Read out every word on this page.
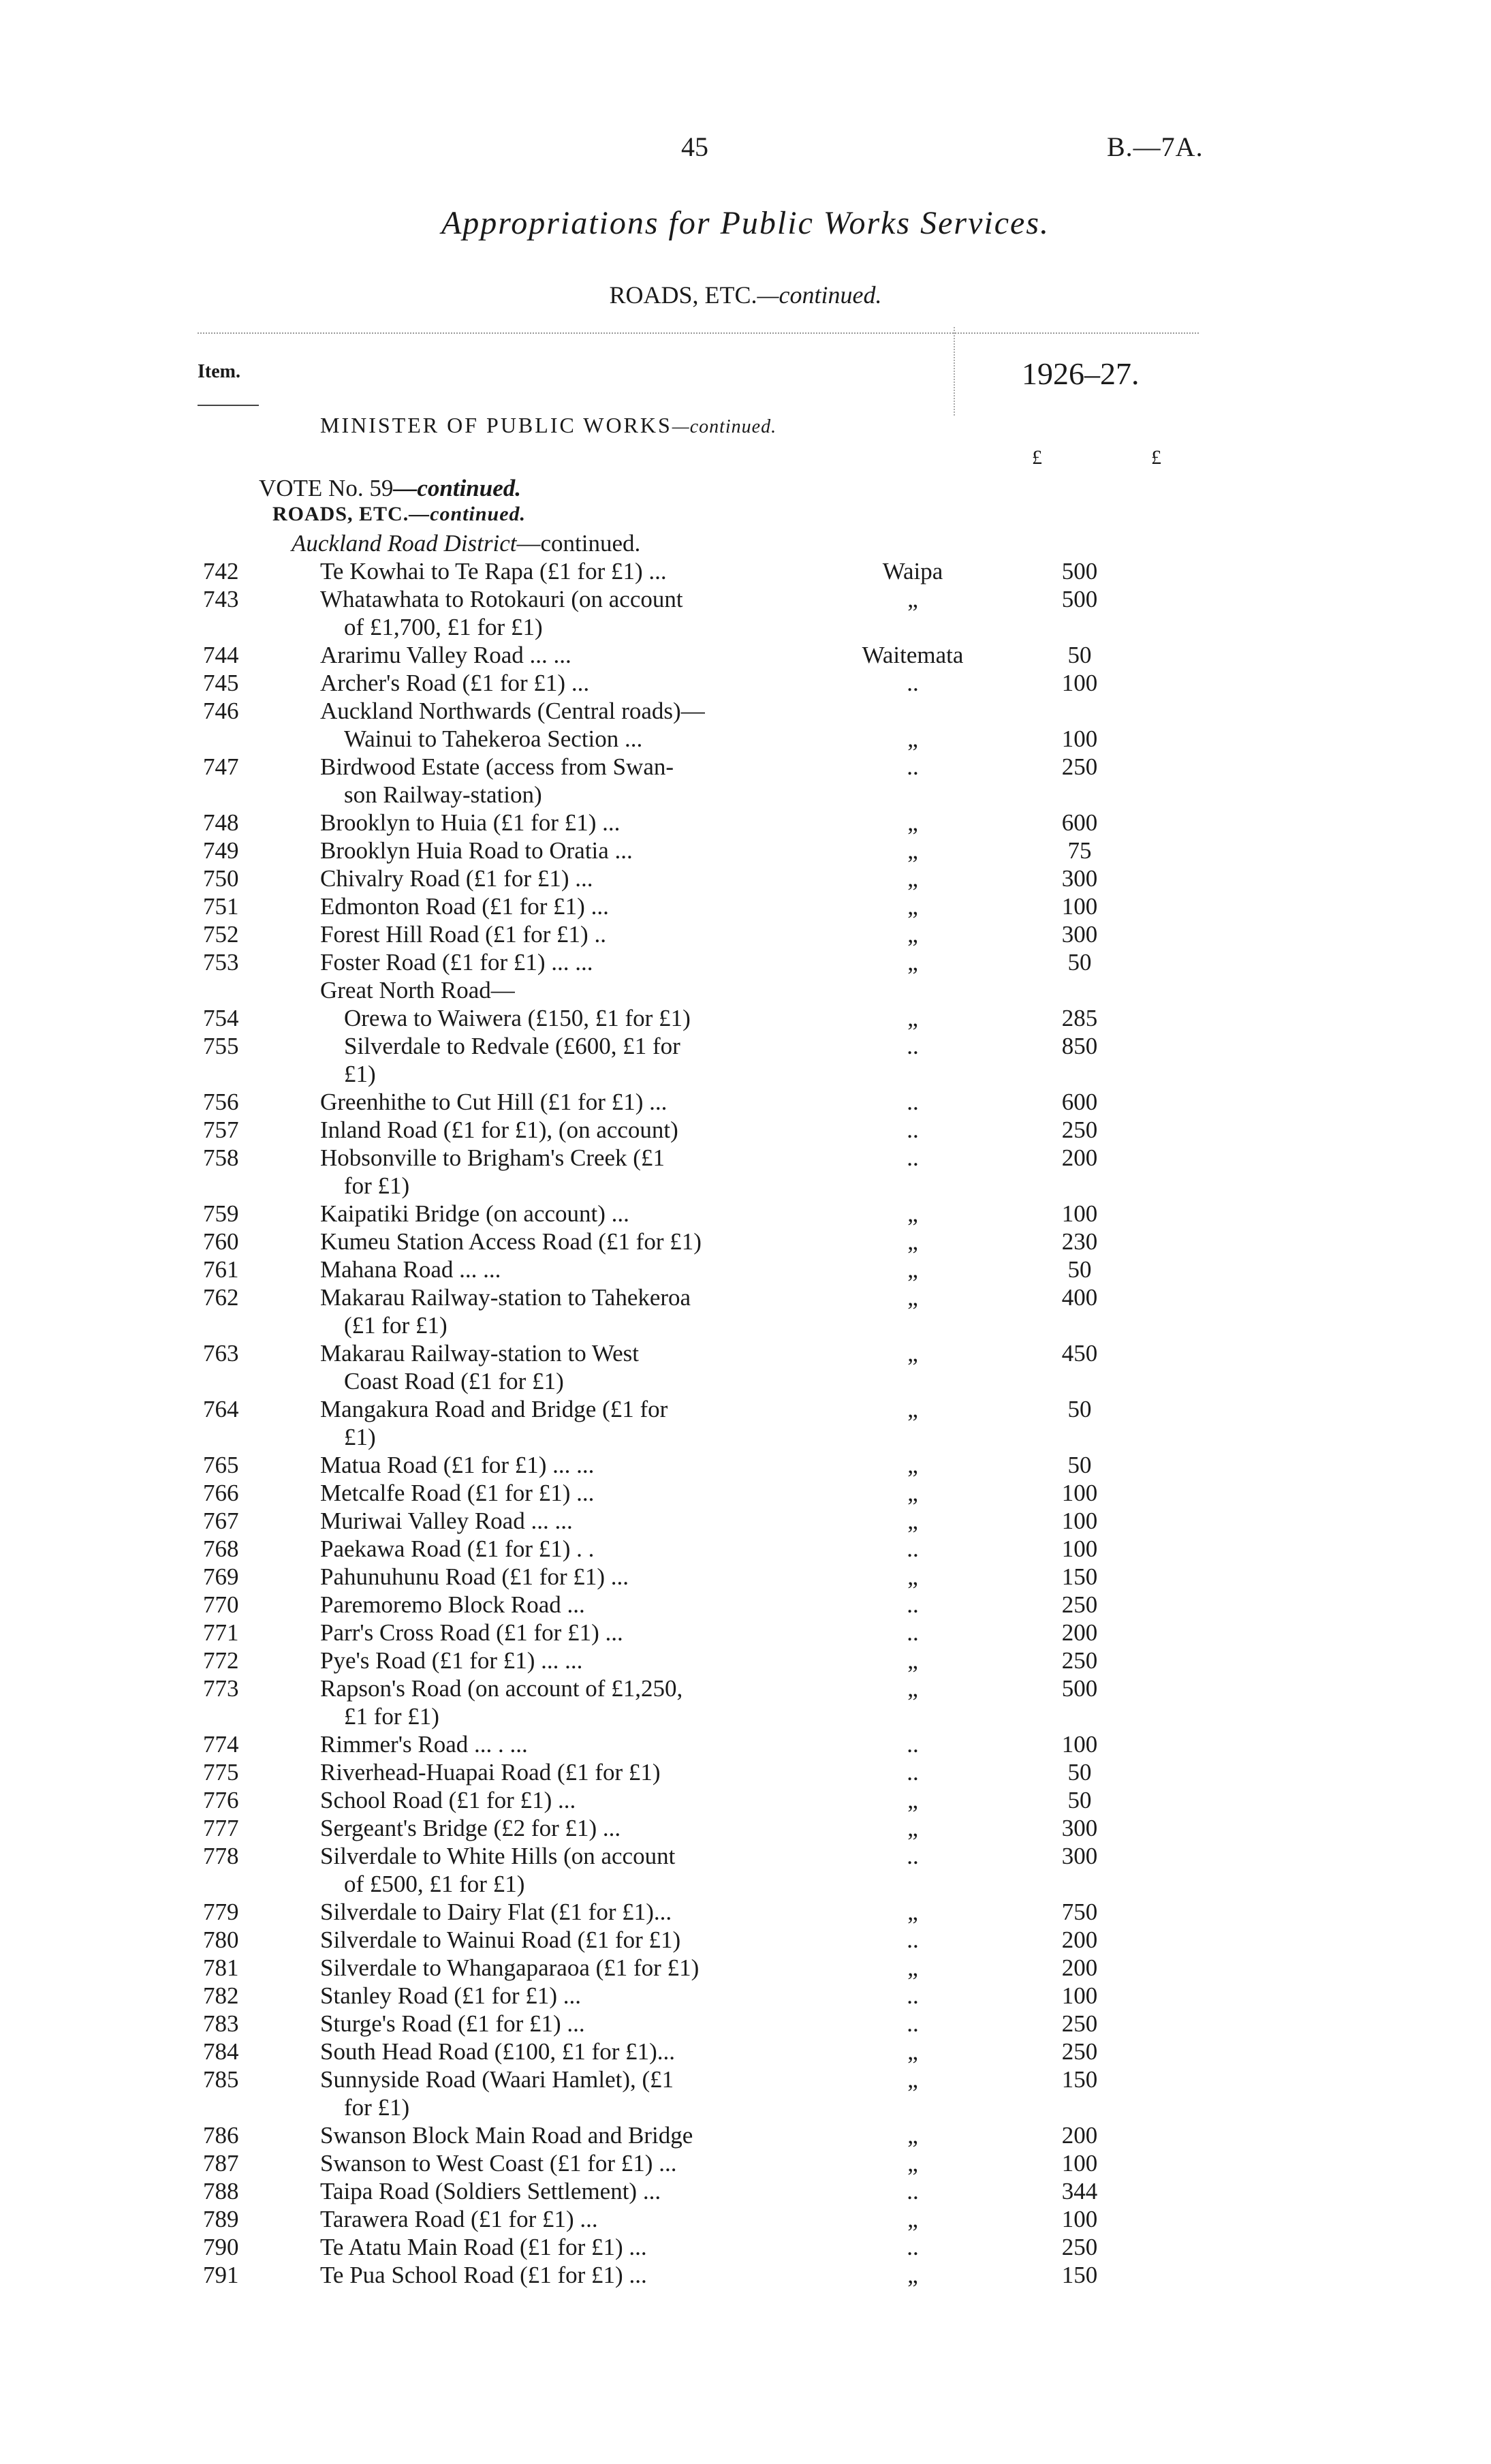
45	B.—7A.
Appropriations for Public Works Services.
ROADS, ETC.—continued.
Item.	1926–27.
MINISTER OF PUBLIC WORKS—continued.
£	£
VOTE No. 59—continued.
ROADS, ETC.—continued.
Auckland Road District—continued.
742	Te Kowhai to Te Rapa (£1 for £1) ...	Waipa	500
743	Whatawhata to Rotokauri (on account	„	500
of £1,700, £1 for £1)
744	Ararimu Valley Road ... ...	Waitemata	50
745	Archer's Road (£1 for £1) ...	..	100
746	Auckland Northwards (Central roads)—
Wainui to Tahekeroa Section ...	„	100
747	Birdwood Estate (access from Swan-	..	250
son Railway-station)
748	Brooklyn to Huia (£1 for £1) ...	„	600
749	Brooklyn Huia Road to Oratia ...	„	75
750	Chivalry Road (£1 for £1) ...	„	300
751	Edmonton Road (£1 for £1) ...	„	100
752	Forest Hill Road (£1 for £1) ..	„	300
753	Foster Road (£1 for £1) ... ...	„	50
Great North Road—
754	Orewa to Waiwera (£150, £1 for £1)	„	285
755	Silverdale to Redvale (£600, £1 for	..	850
£1)
756	Greenhithe to Cut Hill (£1 for £1) ...	..	600
757	Inland Road (£1 for £1), (on account)	..	250
758	Hobsonville to Brigham's Creek (£1	..	200
for £1)
759	Kaipatiki Bridge (on account) ...	„	100
760	Kumeu Station Access Road (£1 for £1)	„	230
761	Mahana Road ... ...	„	50
762	Makarau Railway-station to Tahekeroa	„	400
(£1 for £1)
763	Makarau Railway-station to West	„	450
Coast Road (£1 for £1)
764	Mangakura Road and Bridge (£1 for	„	50
£1)
765	Matua Road (£1 for £1) ... ...	„	50
766	Metcalfe Road (£1 for £1) ...	„	100
767	Muriwai Valley Road ... ...	„	100
768	Paekawa Road (£1 for £1) . .	..	100
769	Pahunuhunu Road (£1 for £1) ...	„	150
770	Paremoremo Block Road ...	..	250
771	Parr's Cross Road (£1 for £1) ...	..	200
772	Pye's Road (£1 for £1) ... ...	„	250
773	Rapson's Road (on account of £1,250,	„	500
£1 for £1)
774	Rimmer's Road ... . ...	..	100
775	Riverhead-Huapai Road (£1 for £1)	..	50
776	School Road (£1 for £1) ...	„	50
777	Sergeant's Bridge (£2 for £1) ...	„	300
778	Silverdale to White Hills (on account	..	300
of £500, £1 for £1)
779	Silverdale to Dairy Flat (£1 for £1)...	„	750
780	Silverdale to Wainui Road (£1 for £1)	..	200
781	Silverdale to Whangaparaoa (£1 for £1)	„	200
782	Stanley Road (£1 for £1) ...	..	100
783	Sturge's Road (£1 for £1) ...	..	250
784	South Head Road (£100, £1 for £1)...	„	250
785	Sunnyside Road (Waari Hamlet), (£1	„	150
for £1)
786	Swanson Block Main Road and Bridge	„	200
787	Swanson to West Coast (£1 for £1) ...	„	100
788	Taipa Road (Soldiers Settlement) ...	..	344
789	Tarawera Road (£1 for £1) ...	„	100
790	Te Atatu Main Road (£1 for £1) ...	..	250
791	Te Pua School Road (£1 for £1) ...	„	150
